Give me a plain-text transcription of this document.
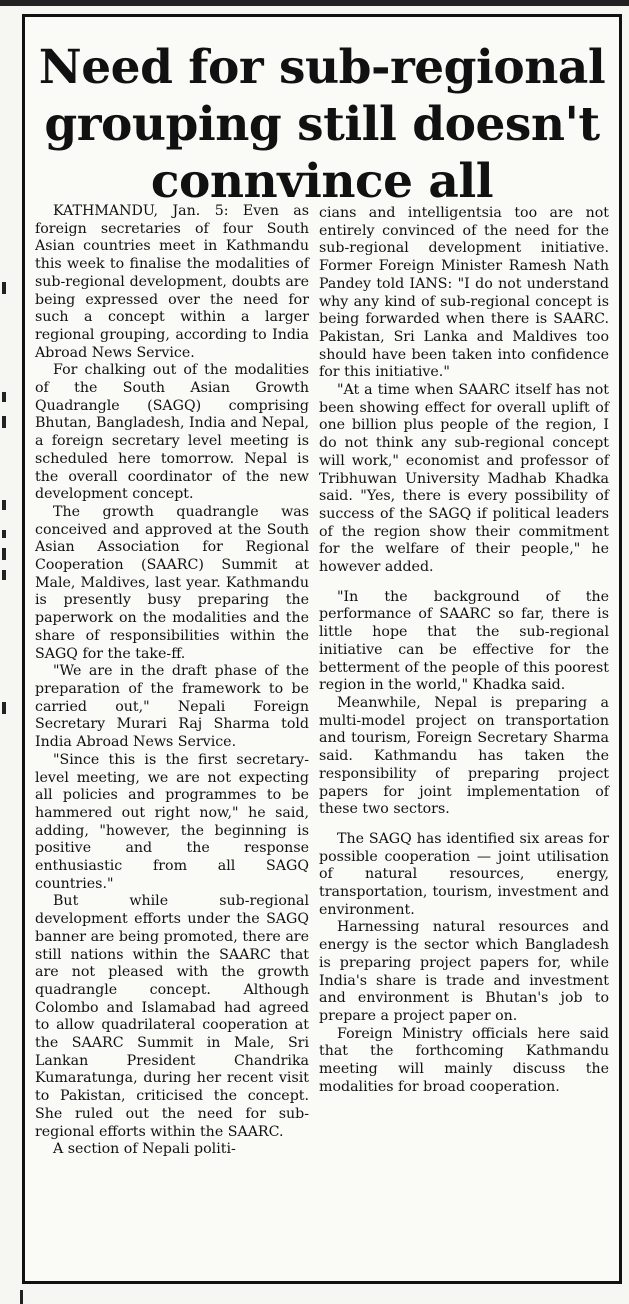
Need for sub-regional grouping still doesn't connvince all

KATHMANDU, Jan. 5: Even as foreign secretaries of four South Asian countries meet in Kathmandu this week to finalise the modalities of sub-regional development, doubts are being expressed over the need for such a concept within a larger regional grouping, according to India Abroad News Service.

For chalking out of the modalities of the South Asian Growth Quadrangle (SAGQ) comprising Bhutan, Bangladesh, India and Nepal, a foreign secretary level meeting is scheduled here tomorrow. Nepal is the overall coordinator of the new development concept.

The growth quadrangle was conceived and approved at the South Asian Association for Regional Cooperation (SAARC) Summit at Male, Maldives, last year. Kathmandu is presently busy preparing the paperwork on the modalities and the share of responsibilities within the SAGQ for the take-ff.

"We are in the draft phase of the preparation of the framework to be carried out," Nepali Foreign Secretary Murari Raj Sharma told India Abroad News Service.

"Since this is the first secretary-level meeting, we are not expecting all policies and programmes to be hammered out right now," he said, adding, "however, the beginning is positive and the response enthusiastic from all SAGQ countries."

But while sub-regional development efforts under the SAGQ banner are being promoted, there are still nations within the SAARC that are not pleased with the growth quadrangle concept. Although Colombo and Islamabad had agreed to allow quadrilateral cooperation at the SAARC Summit in Male, Sri Lankan President Chandrika Kumaratunga, during her recent visit to Pakistan, criticised the concept. She ruled out the need for sub-regional efforts within the SAARC.

A section of Nepali politi-

cians and intelligentsia too are not entirely convinced of the need for the sub-regional development initiative. Former Foreign Minister Ramesh Nath Pandey told IANS: "I do not understand why any kind of sub-regional concept is being forwarded when there is SAARC. Pakistan, Sri Lanka and Maldives too should have been taken into confidence for this initiative."

"At a time when SAARC itself has not been showing effect for overall uplift of one billion plus people of the region, I do not think any sub-regional concept will work," economist and professor of Tribhuwan University Madhab Khadka said. "Yes, there is every possibility of success of the SAGQ if political leaders of the region show their commitment for the welfare of their people," he however added.

"In the background of the performance of SAARC so far, there is little hope that the sub-regional initiative can be effective for the betterment of the people of this poorest region in the world," Khadka said.

Meanwhile, Nepal is preparing a multi-model project on transportation and tourism, Foreign Secretary Sharma said. Kathmandu has taken the responsibility of preparing project papers for joint implementation of these two sectors.

The SAGQ has identified six areas for possible cooperation — joint utilisation of natural resources, energy, transportation, tourism, investment and environment.

Harnessing natural resources and energy is the sector which Bangladesh is preparing project papers for, while India's share is trade and investment and environment is Bhutan's job to prepare a project paper on.

Foreign Ministry officials here said that the forthcoming Kathmandu meeting will mainly discuss the modalities for broad cooperation.
